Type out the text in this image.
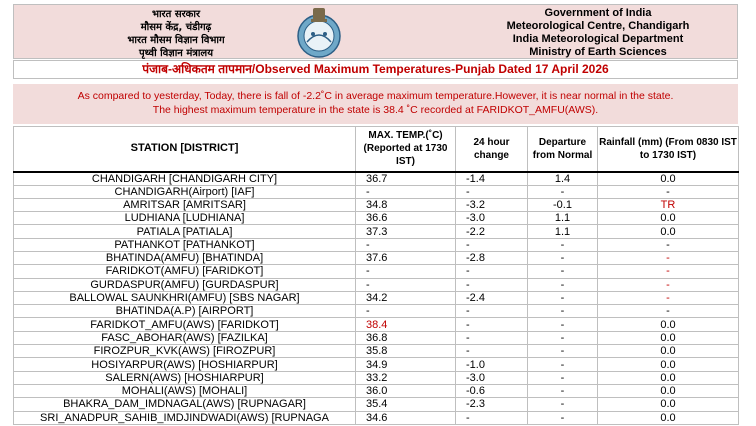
भारत सरकार
मौसम केंद्र, चंडीगढ़
भारत मौसम विज्ञान विभाग
पृथ्वी विज्ञान मंत्रालय
Government of India
Meteorological Centre, Chandigarh
India Meteorological Department
Ministry of Earth Sciences
पंजाब-अधिकतम तापमान/Observed Maximum Temperatures-Punjab Dated 17 April 2026
As compared to yesterday, Today, there is fall of -2.2˚C in average maximum temperature.However, it is near normal in the state.
The highest maximum temperature in the state is 38.4 ˚C recorded at FARIDKOT_AMFU(AWS).
STATION [DISTRICT]	MAX. TEMP.(˚C) (Reported at 1730 IST)	24 hour change	Departure from Normal	Rainfall (mm) (From 0830 IST to 1730 IST)
CHANDIGARH [CHANDIGARH CITY]	36.7	-1.4	1.4	0.0
CHANDIGARH(Airport) [IAF]	-	-	-	-
AMRITSAR [AMRITSAR]	34.8	-3.2	-0.1	TR
LUDHIANA [LUDHIANA]	36.6	-3.0	1.1	0.0
PATIALA [PATIALA]	37.3	-2.2	1.1	0.0
PATHANKOT [PATHANKOT]	-	-	-	-
BHATINDA(AMFU) [BHATINDA]	37.6	-2.8	-	-
FARIDKOT(AMFU) [FARIDKOT]	-	-	-	-
GURDASPUR(AMFU) [GURDASPUR]	-	-	-	-
BALLOWAL SAUNKHRI(AMFU) [SBS NAGAR]	34.2	-2.4	-	-
BHATINDA(A.P) [AIRPORT]	-	-	-	-
FARIDKOT_AMFU(AWS) [FARIDKOT]	38.4	-	-	0.0
FASC_ABOHAR(AWS) [FAZILKA]	36.8	-	-	0.0
FIROZPUR_KVK(AWS) [FIROZPUR]	35.8	-	-	0.0
HOSIYARPUR(AWS) [HOSHIARPUR]	34.9	-1.0	-	0.0
SALERN(AWS) [HOSHIARPUR]	33.2	-3.0	-	0.0
MOHALI(AWS) [MOHALI]	36.0	-0.6	-	0.0
BHAKRA_DAM_IMDNAGAL(AWS) [RUPNAGAR]	35.4	-2.3	-	0.0
SRI_ANADPUR_SAHIB_IMDJINDWADI(AWS) [RUPNAGA	34.6	-	-	0.0
